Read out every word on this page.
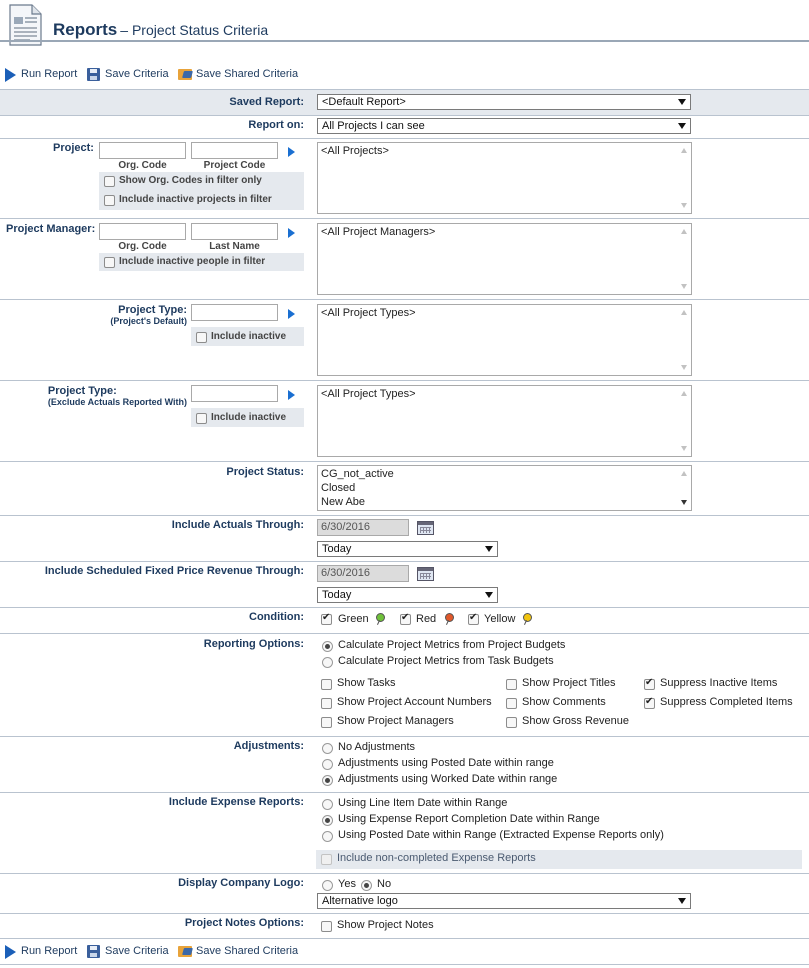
Reports – Project Status Criteria
Run Report	Save Criteria Save Shared Criteria
Saved Report:	<Default Report>
Report on:	All Projects I can see
Project:
Org. Code	Project Code
Show Org. Codes in filter only
Include inactive projects in filter
<All Projects>
Project Manager:
Org. Code	Last Name
Include inactive people in filter
<All Project Managers>
Project Type:
(Project's Default)
Include inactive
<All Project Types>
Project Type:
(Exclude Actuals Reported With)
Include inactive
<All Project Types>
Project Status: CG_not_active
Closed
New Abe
Include Actuals Through:	6/30/2016
Today
Include Scheduled Fixed Price Revenue Through:	6/30/2016
Today
Condition: ✔	Green ✔	Red ✔	Yellow
Reporting Options:	Calculate Project Metrics from Project Budgets
Calculate Project Metrics from Task Budgets
Show Tasks	Show Project Titles ✔	Suppress Inactive Items
Show Project Account Numbers	Show Comments ✔	Suppress Completed Items
Show Project Managers	Show Gross Revenue
Adjustments:	No Adjustments
Adjustments using Posted Date within range
Adjustments using Worked Date within range
Include Expense Reports:	Using Line Item Date within Range
Using Expense Report Completion Date within Range
Using Posted Date within Range (Extracted Expense Reports only)
Include non-completed Expense Reports
Display Company Logo:	Yes No
Alternative logo
Project Notes Options:	Show Project Notes
Run Report	Save Criteria Save Shared Criteria
